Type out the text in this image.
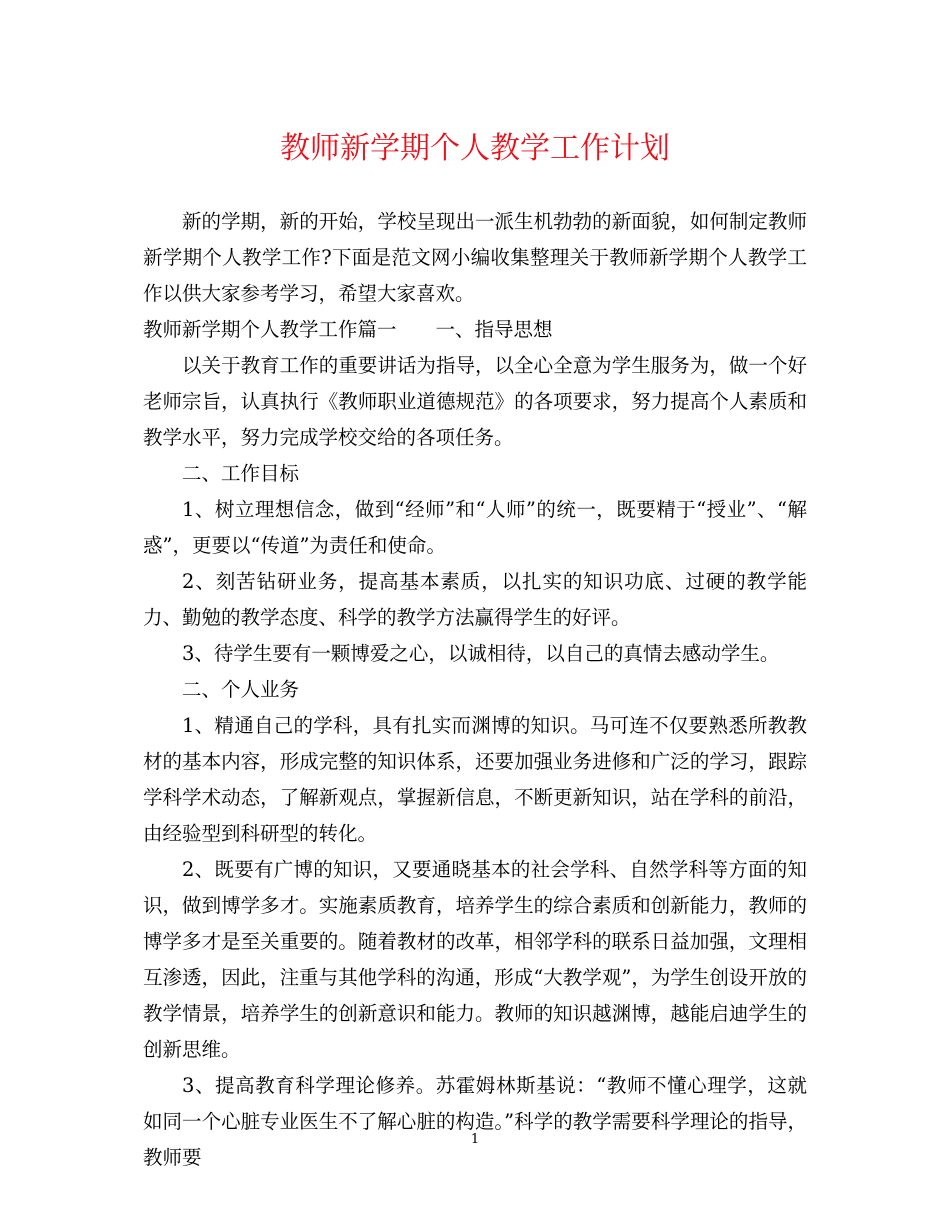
教师新学期个人教学工作计划

新的学期，新的开始，学校呈现出一派生机勃勃的新面貌，如何制定教师新学期个人教学工作?下面是范文网小编收集整理关于教师新学期个人教学工作以供大家参考学习，希望大家喜欢。

教师新学期个人教学工作篇一　　一、指导思想

以关于教育工作的重要讲话为指导，以全心全意为学生服务为，做一个好老师宗旨，认真执行《教师职业道德规范》的各项要求，努力提高个人素质和教学水平，努力完成学校交给的各项任务。

二、工作目标

1、树立理想信念，做到“经师”和“人师”的统一，既要精于“授业”、“解惑”，更要以“传道”为责任和使命。

2、刻苦钻研业务，提高基本素质，以扎实的知识功底、过硬的教学能力、勤勉的教学态度、科学的教学方法赢得学生的好评。

3、待学生要有一颗博爱之心，以诚相待，以自己的真情去感动学生。

二、个人业务

1、精通自己的学科，具有扎实而渊博的知识。马可连不仅要熟悉所教教材的基本内容，形成完整的知识体系，还要加强业务进修和广泛的学习，跟踪学科学术动态，了解新观点，掌握新信息，不断更新知识，站在学科的前沿，由经验型到科研型的转化。

2、既要有广博的知识，又要通晓基本的社会学科、自然学科等方面的知识，做到博学多才。实施素质教育，培养学生的综合素质和创新能力，教师的博学多才是至关重要的。随着教材的改革，相邻学科的联系日益加强，文理相互渗透，因此，注重与其他学科的沟通，形成“大教学观”，为学生创设开放的教学情景，培养学生的创新意识和能力。教师的知识越渊博，越能启迪学生的创新思维。

3、提高教育科学理论修养。苏霍姆林斯基说：“教师不懂心理学，这就如同一个心脏专业医生不了解心脏的构造。”科学的教学需要科学理论的指导，教师要

1
